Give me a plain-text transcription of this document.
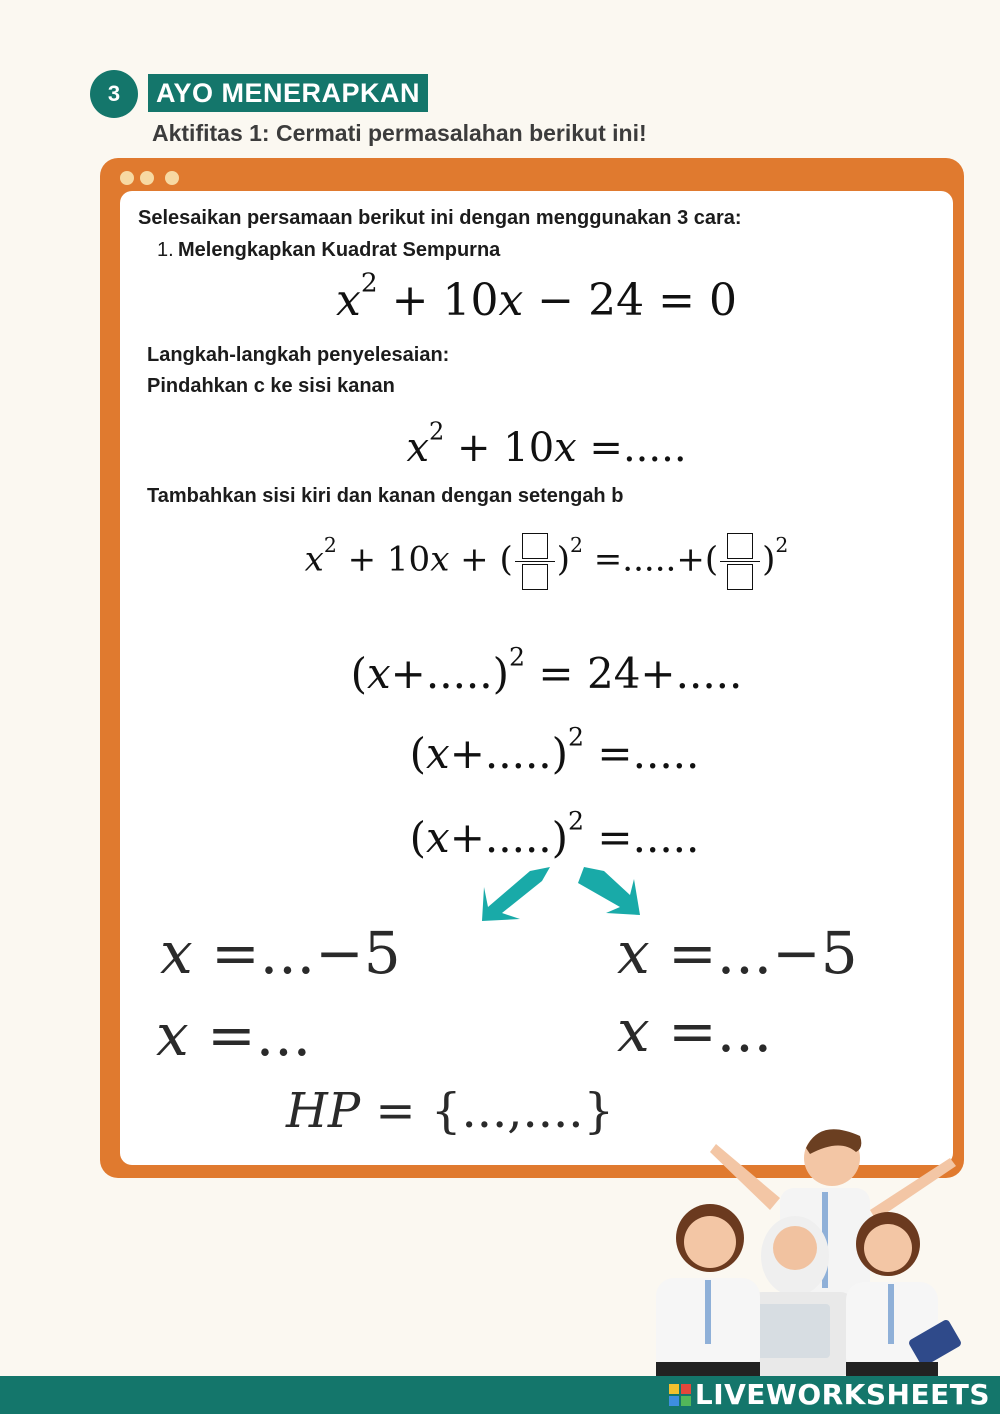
3	AYO MENERAPKAN
Aktifitas 1: Cermati permasalahan berikut ini!
Selesaikan persamaan berikut ini dengan menggunakan 3 cara:
1. Melengkapkan Kuadrat Sempurna
$x^2 + 10x - 24 = 0$
Langkah-langkah penyelesaian:
Pindahkan c ke sisi kanan
$x^2 + 10x$ =.....
Tambahkan sisi kiri dan kanan dengan setengah b
$x^2 + 10x$ + ( )$^2$ =.....+( )$^2$
$(x+.....)^2 = 24+$.....
$(x+.....)^2$ =.....
$(x+.....)^2$ =.....
x =...−5	x =...−5
x =...	x =...
HP = {...,....}
LIVEWORKSHEETS
